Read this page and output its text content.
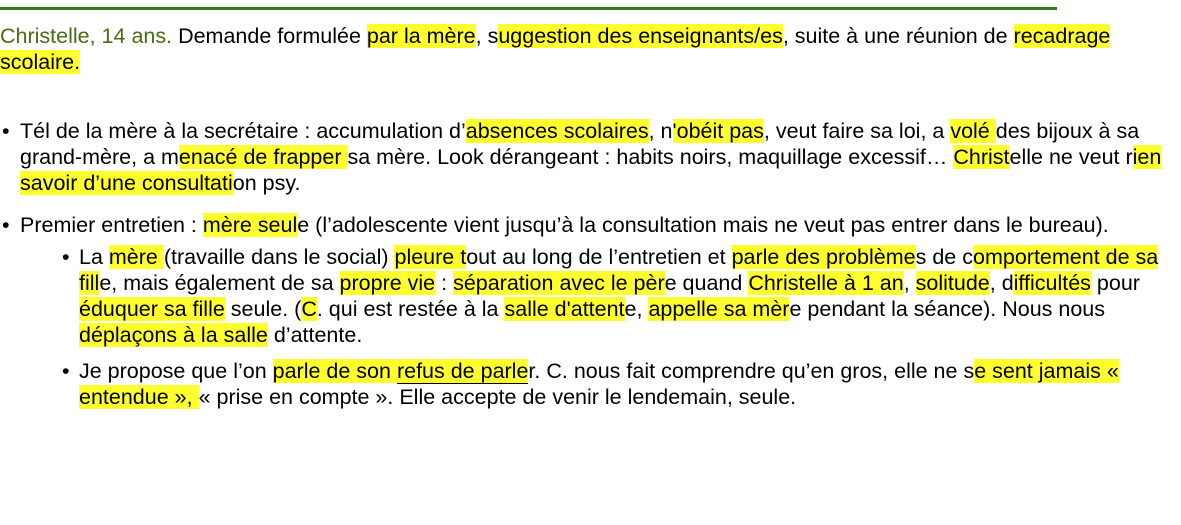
Christelle, 14 ans. Demande formulée par la mère, suggestion des enseignants/es, suite à une réunion de recadrage scolaire.

• Tél de la mère à la secrétaire : accumulation d’absences scolaires, n'obéit pas, veut faire sa loi, a volé des bijoux à sa grand-mère, a menacé de frapper sa mère. Look dérangeant : habits noirs, maquillage excessif… Christelle ne veut rien savoir d’une consultation psy.
• Premier entretien : mère seule (l’adolescente vient jusqu’à la consultation mais ne veut pas entrer dans le bureau).
• La mère (travaille dans le social) pleure tout au long de l’entretien et parle des problèmes de comportement de sa fille, mais également de sa propre vie : séparation avec le père quand Christelle à 1 an, solitude, difficultés pour éduquer sa fille seule. (C. qui est restée à la salle d'attente, appelle sa mère pendant la séance). Nous nous déplaçons à la salle d’attente.
• Je propose que l’on parle de son refus de parler. C. nous fait comprendre qu’en gros, elle ne se sent jamais « entendue », « prise en compte ». Elle accepte de venir le lendemain, seule.
